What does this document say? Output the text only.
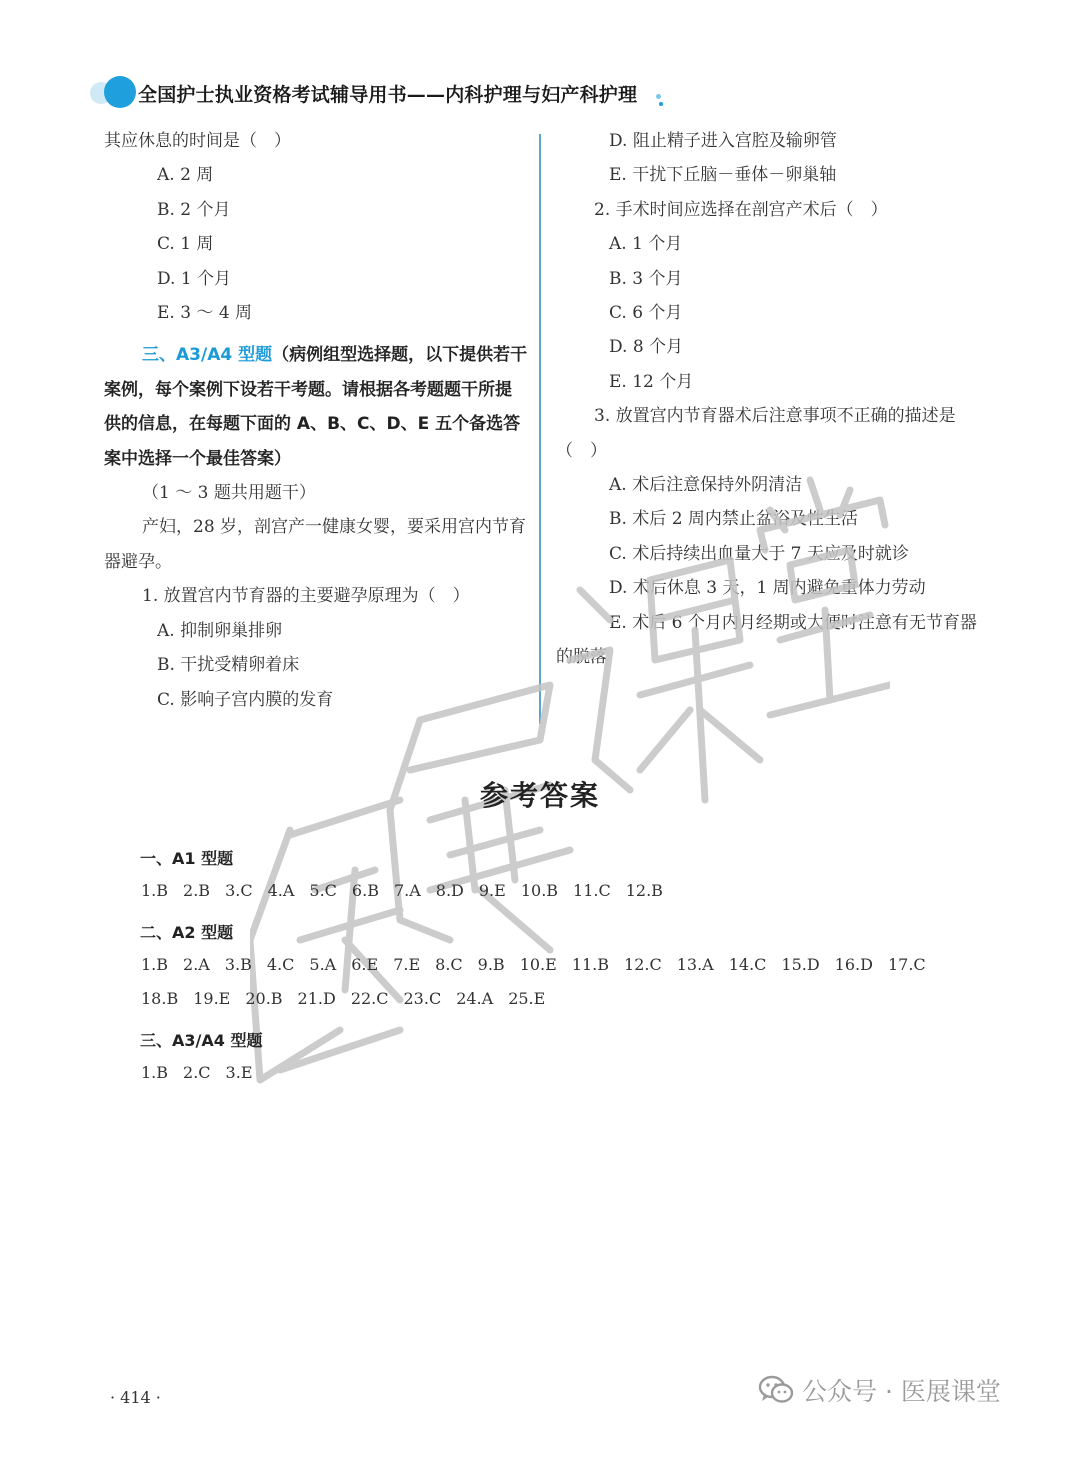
全国护士执业资格考试辅导用书——内科护理与妇产科护理

其应休息的时间是（　）

A. 2 周

B. 2 个月

C. 1 周

D. 1 个月

E. 3 ～ 4 周

三、A3/A4 型题（病例组型选择题，以下提供若干案例，每个案例下设若干考题。请根据各考题题干所提供的信息，在每题下面的 A、B、C、D、E 五个备选答案中选择一个最佳答案）

（1 ～ 3 题共用题干）

产妇，28 岁，剖宫产一健康女婴，要采用宫内节育器避孕。

1. 放置宫内节育器的主要避孕原理为（　）

A. 抑制卵巢排卵

B. 干扰受精卵着床

C. 影响子宫内膜的发育

D. 阻止精子进入宫腔及输卵管

E. 干扰下丘脑－垂体－卵巢轴

2. 手术时间应选择在剖宫产术后（　）

A. 1 个月

B. 3 个月

C. 6 个月

D. 8 个月

E. 12 个月

3. 放置宫内节育器术后注意事项不正确的描述是（　）

A. 术后注意保持外阴清洁

B. 术后 2 周内禁止盆浴及性生活

C. 术后持续出血量大于 7 天应及时就诊

D. 术后休息 3 天，1 周内避免重体力劳动

E. 术后 6 个月内月经期或大便时注意有无节育器的脱落

参考答案
一、A1 型题
1.B 2.B 3.C 4.A 5.C 6.B 7.A 8.D 9.E 10.B 11.C 12.B
二、A2 型题
1.B 2.A 3.B 4.C 5.A 6.E 7.E 8.C 9.B 10.E 11.B 12.C 13.A 14.C 15.D 16.D 17.C
18.B 19.E 20.B 21.D 22.C 23.C 24.A 25.E
三、A3/A4 型题
1.B 2.C 3.E
· 414 ·	公众号 · 医展课堂
